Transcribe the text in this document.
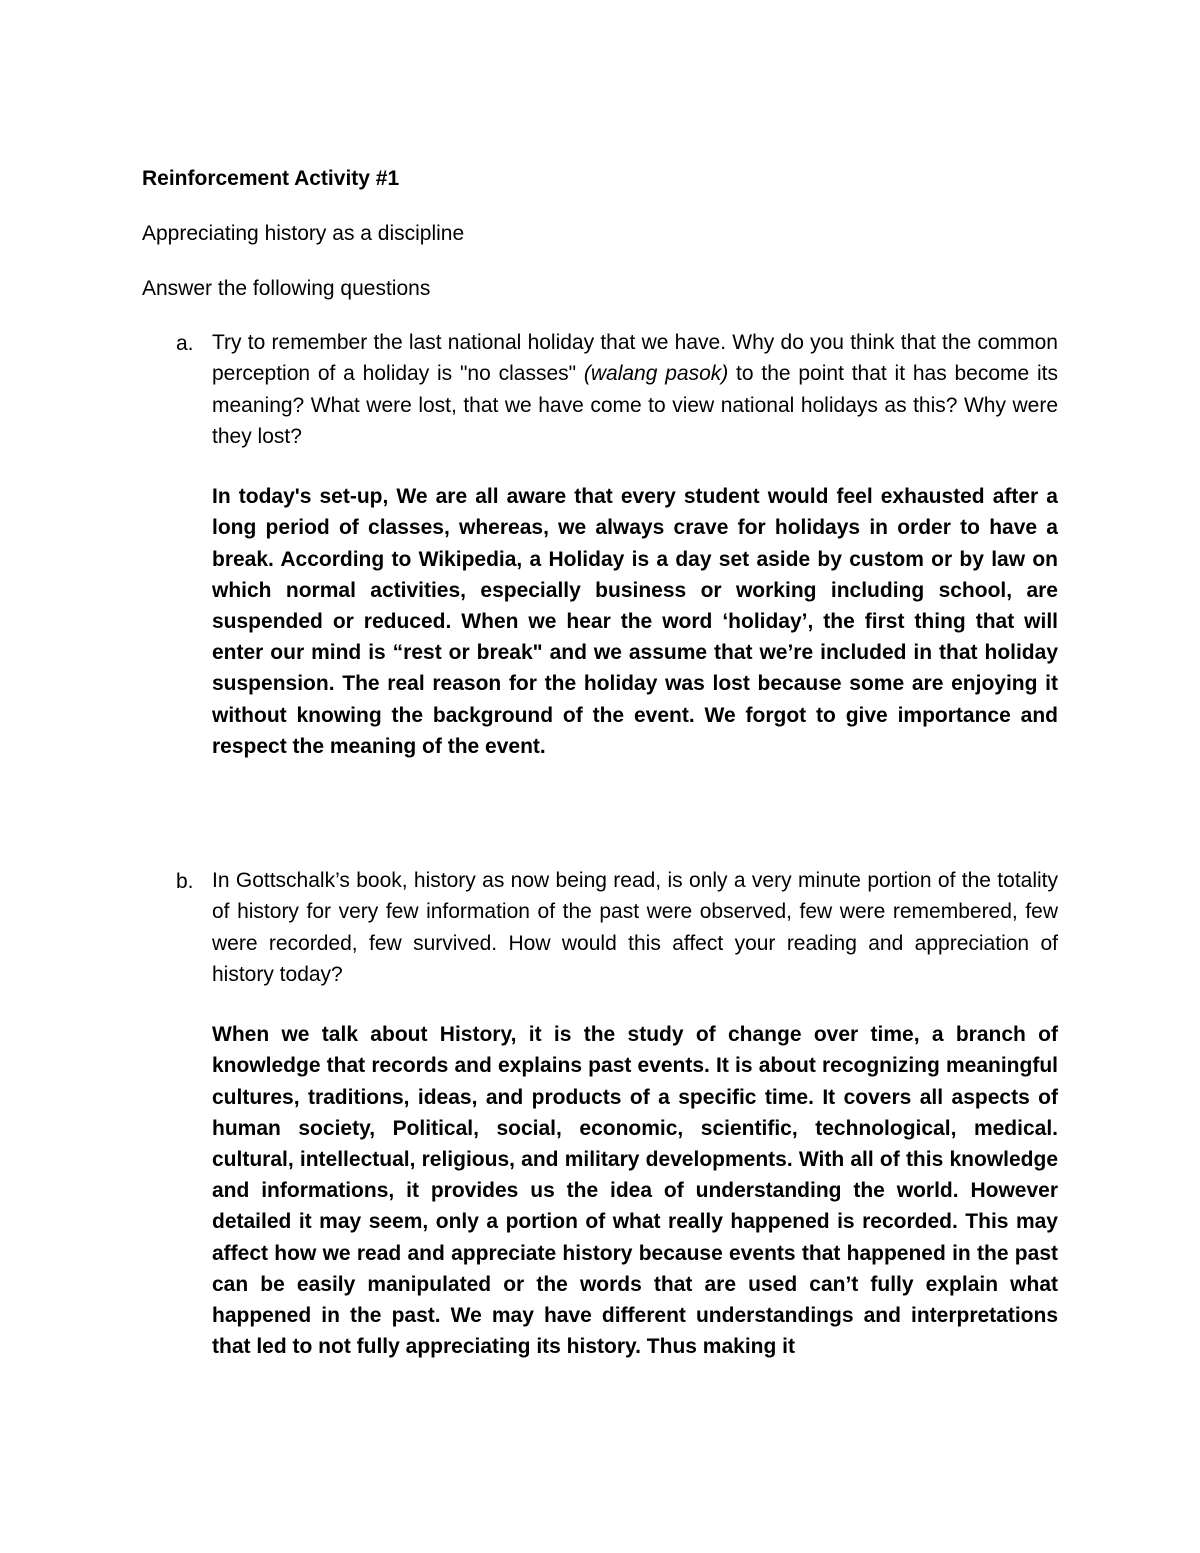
Reinforcement Activity #1

Appreciating history as a discipline

Answer the following questions

a. Try to remember the last national holiday that we have. Why do you think that the common perception of a holiday is "no classes" (walang pasok) to the point that it has become its meaning? What were lost, that we have come to view national holidays as this? Why were they lost?

In today's set-up, We are all aware that every student would feel exhausted after a long period of classes, whereas, we always crave for holidays in order to have a break. According to Wikipedia, a Holiday is a day set aside by custom or by law on which normal activities, especially business or working including school, are suspended or reduced. When we hear the word ‘holiday’, the first thing that will enter our mind is “rest or break" and we assume that we’re included in that holiday suspension. The real reason for the holiday was lost because some are enjoying it without knowing the background of the event. We forgot to give importance and respect the meaning of the event.

b. In Gottschalk’s book, history as now being read, is only a very minute portion of the totality of history for very few information of the past were observed, few were remembered, few were recorded, few survived. How would this affect your reading and appreciation of history today?

When we talk about History, it is the study of change over time, a branch of knowledge that records and explains past events. It is about recognizing meaningful cultures, traditions, ideas, and products of a specific time. It covers all aspects of human society, Political, social, economic, scientific, technological, medical. cultural, intellectual, religious, and military developments. With all of this knowledge and informations, it provides us the idea of understanding the world. However detailed it may seem, only a portion of what really happened is recorded. This may affect how we read and appreciate history because events that happened in the past can be easily manipulated or the words that are used can’t fully explain what happened in the past. We may have different understandings and interpretations that led to not fully appreciating its history. Thus making it
